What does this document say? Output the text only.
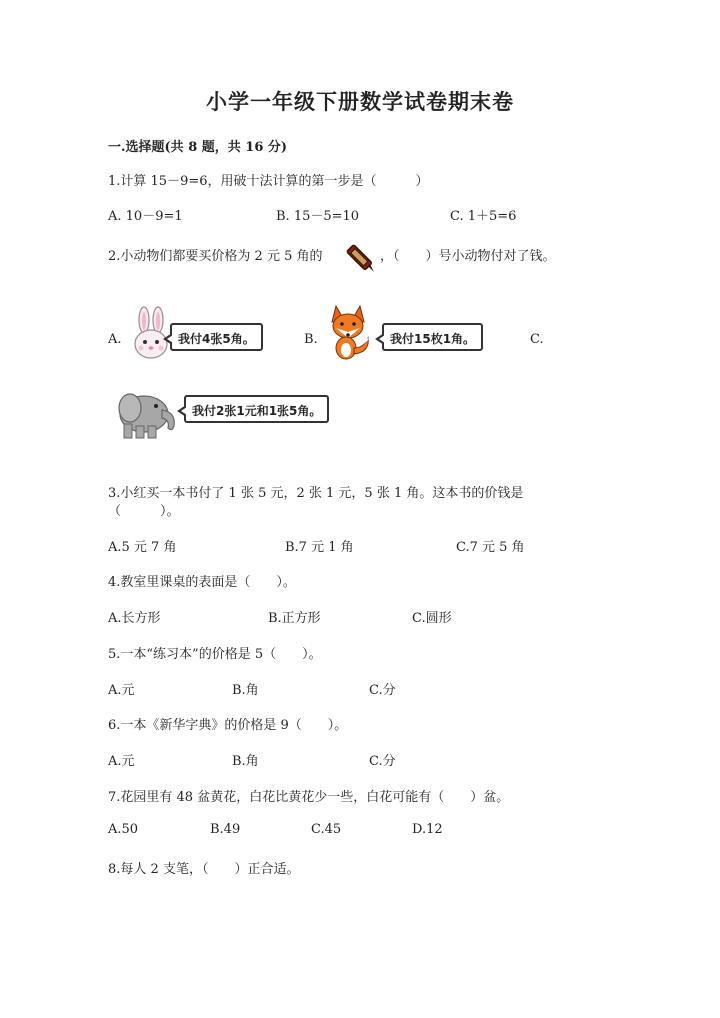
小学一年级下册数学试卷期末卷
一.选择题(共 8 题，共 16 分)
1.计算 15－9=6，用破十法计算的第一步是（　　　）
A. 10－9=1	B. 15－5=10	C. 1＋5=6
2.小动物们都要买价格为 2 元 5 角的	，（　　）号小动物付对了钱。
A.	我付4张5角。	B.	我付15枚1角。	C.
我付2张1元和1张5角。
3.小红买一本书付了 1 张 5 元，2 张 1 元，5 张 1 角。这本书的价钱是
（　　　）。
A.5 元 7 角	B.7 元 1 角	C.7 元 5 角
4.教室里课桌的表面是（　　）。
A.长方形	B.正方形	C.圆形
5.一本“练习本”的价格是 5（　　）。
A.元	B.角	C.分
6.一本《新华字典》的价格是 9（　　）。
A.元	B.角	C.分
7.花园里有 48 盆黄花，白花比黄花少一些，白花可能有（　　）盆。
A.50	B.49	C.45	D.12
8.每人 2 支笔，（　　）正合适。
